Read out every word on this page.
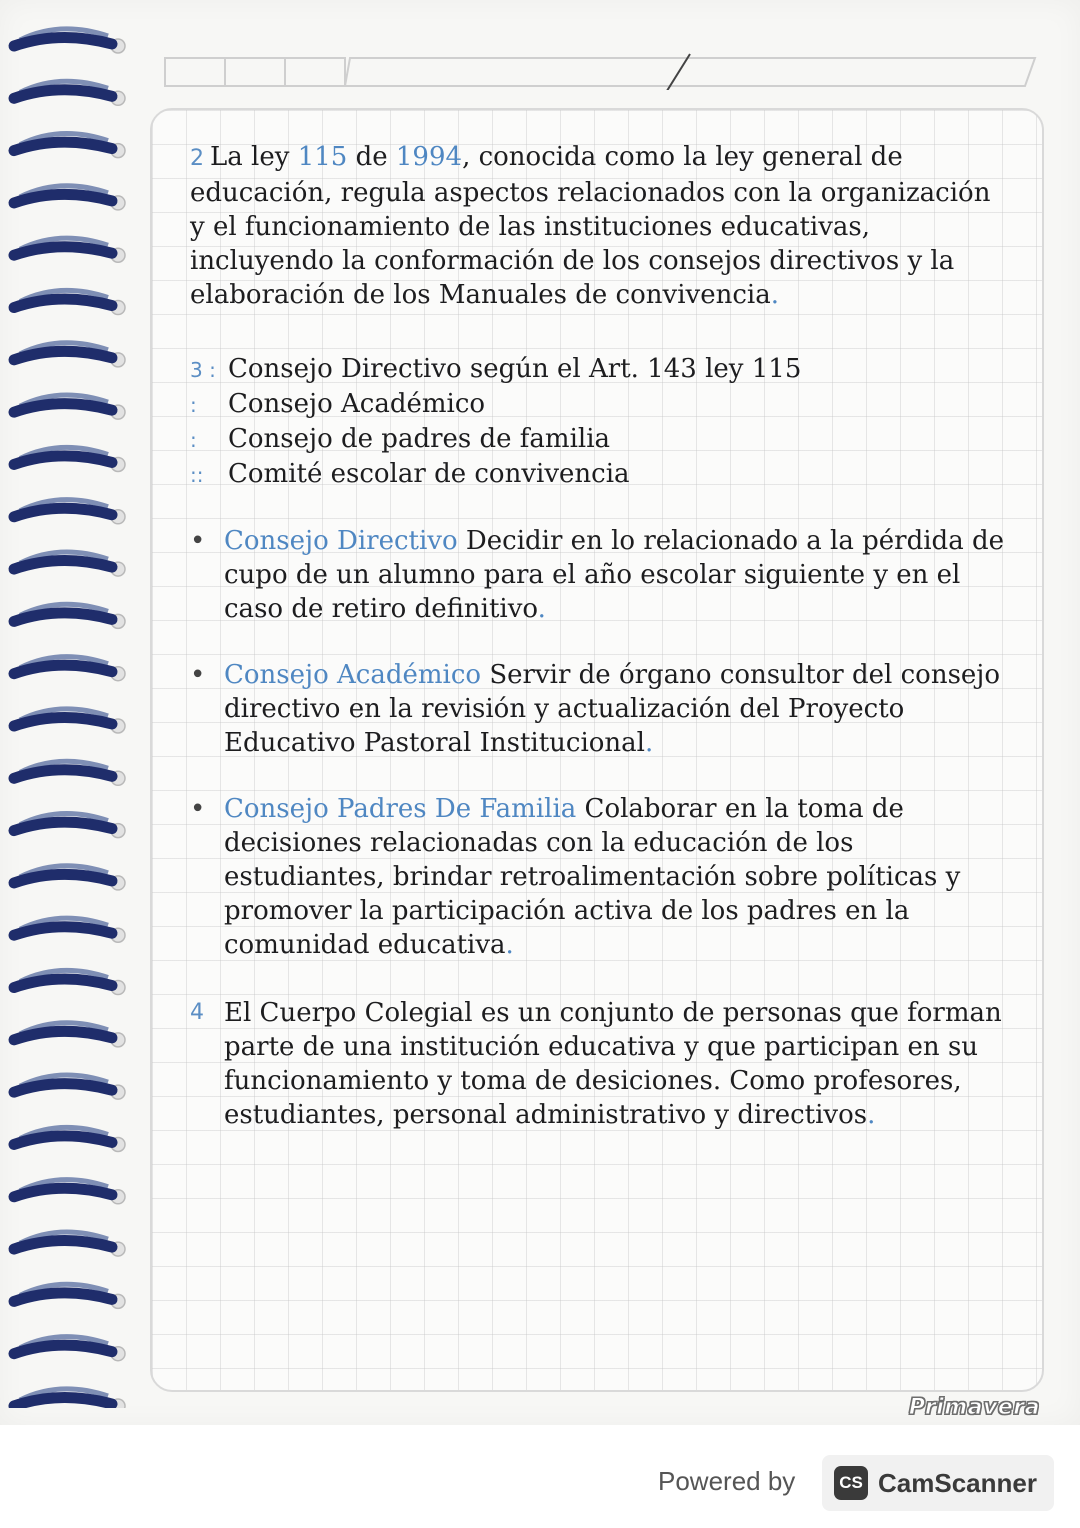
2 La ley 115 de 1994, conocida como la ley general de educación, regula aspectos relacionados con la organización y el funcionamiento de las instituciones educativas, incluyendo la conformación de los consejos directivos y la elaboración de los Manuales de convivencia.

3 : Consejo Directivo según el Art. 143 ley 115
:	Consejo Académico
:	Consejo de padres de familia
:: Comité escolar de convivencia
• Consejo Directivo Decidir en lo relacionado a la pérdida de cupo de un alumno para el año escolar siguiente y en el caso de retiro definitivo.
• Consejo Académico Servir de órgano consultor del consejo directivo en la revisión y actualización del Proyecto Educativo Pastoral Institucional.
• Consejo Padres De Familia Colaborar en la toma de decisiones relacionadas con la educación de los estudiantes, brindar retroalimentación sobre políticas y promover la participación activa de los padres en la comunidad educativa.
4 El Cuerpo Colegial es un conjunto de personas que forman parte de una institución educativa y que participan en su funcionamiento y toma de desiciones. Como profesores, estudiantes, personal administrativo y directivos.
Primavera
Powered by	CS CamScanner
